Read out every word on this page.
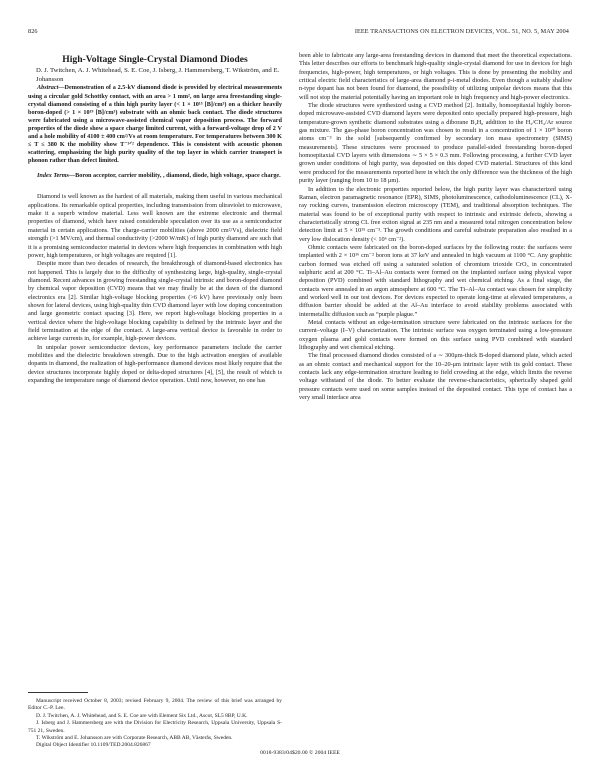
826	IEEE TRANSACTIONS ON ELECTRON DEVICES, VOL. 51, NO. 5, MAY 2004

High-Voltage Single-Crystal Diamond Diodes

D. J. Twitchen, A. J. Whitehead, S. E. Coe, J. Isberg, J. Hammersberg, T. Wikström, and E. Johansson

Abstract—Demonstration of a 2.5-kV diamond diode is provided by electrical measurements using a circular gold Schottky contact, with an area > 1 mm², on large area freestanding single-crystal diamond consisting of a thin high purity layer (< 1 × 10¹⁵ [B]/cm³) on a thicker heavily boron-doped (> 1 × 10¹⁹ [B]/cm³) substrate with an ohmic back contact. The diode structures were fabricated using a microwave-assisted chemical vapor deposition process. The forward properties of the diode show a space charge limited current, with a forward-voltage drop of 2 V and a hole mobility of 4100 ± 400 cm²/Vs at room temperature. For temperatures between 300 K ≤ T ≤ 380 K the mobility show T⁻³ᐟ² dependence. This is consistent with acoustic phonon scattering, emphasizing the high purity quality of the top layer in which carrier transport is phonon rather than defect limited.

Index Terms—Boron acceptor, carrier mobility, , diamond, diode, high voltage, space charge.

Diamond is well known as the hardest of all materials, making them useful in various mechanical applications. Its remarkable optical properties, including transmission from ultraviolet to microwave, make it a superb window material. Less well known are the extreme electronic and thermal properties of diamond, which have raised considerable speculation over its use as a semiconductor material in certain applications. The charge-carrier mobilities (above 2000 cm²/Vs), dielectric field strength (>1 MV/cm), and thermal conductivity (>2000 W/mK) of high purity diamond are such that it is a promising semiconductor material in devices where high frequencies in combination with high power, high temperatures, or high voltages are required [1].

Despite more than two decades of research, the breakthrough of diamond-based electronics has not happened. This is largely due to the difficulty of synthesizing large, high-quality, single-crystal diamond. Recent advances in growing freestanding single-crystal intrinsic and boron-doped diamond by chemical vapor deposition (CVD) means that we may finally be at the dawn of the diamond electronics era [2]. Similar high-voltage blocking properties (>6 kV) have previously only been shown for lateral devices, using high-quality thin CVD diamond layer with low doping concentration and large geometric contact spacing [3]. Here, we report high-voltage blocking properties in a vertical device where the high-voltage blocking capability is defined by the intrinsic layer and the field termination at the edge of the contact. A large-area vertical device is favorable in order to achieve large currents in, for example, high-power devices.

In unipolar power semiconductor devices, key performance parameters include the carrier mobilities and the dielectric breakdown strength. Due to the high activation energies of available dopants in diamond, the realization of high-performance diamond devices most likely require that the device structures incorporate highly doped or delta-doped structures [4], [5], the result of which is expanding the temperature range of diamond device operation. Until now, however, no one has

Manuscript received October 8, 2003; revised February 9, 2004. The review of this brief was arranged by Editor C.-P. Lee.

D. J. Twitchen, A. J. Whitehead, and S. E. Coe are with Element Six Ltd., Ascot, SL5 8BP, U.K.

J. Isberg and J. Hammersberg are with the Division for Electricity Research, Uppsala University, Uppsala S-751 21, Sweden.

T. Wikström and E. Johansson are with Corporate Research, ABB AB, Västerås, Sweden.

Digital Object Identifier 10.1109/TED.2004.826867

been able to fabricate any large-area freestanding devices in diamond that meet the theoretical expectations. This letter describes our efforts to benchmark high-quality single-crystal diamond for use in devices for high frequencies, high-power, high temperatures, or high voltages. This is done by presenting the mobility and critical electric field characteristics of large-area diamond p-i-metal diodes. Even though a suitably shallow n-type dopant has not been found for diamond, the possibility of utilizing unipolar devices means that this will not stop the material potentially having an important role in high frequency and high-power electronics.

The diode structures were synthesized using a CVD method [2]. Initially, homoepitaxial highly boron-doped microwave-assisted CVD diamond layers were deposited onto specially prepared high-pressure, high temperature-grown synthetic diamond substrates using a diborane B₂H₆ addition to the H₂/CH₄/Ar source gas mixture. The gas-phase boron concentration was chosen to result in a concentration of 1 × 10²⁰ boron atoms cm⁻³ in the solid [subsequently confirmed by secondary ion mass spectrometry (SIMS) measurements]. These structures were processed to produce parallel-sided freestanding boron-doped homoepitaxial CVD layers with dimensions ∼ 5 × 5 × 0.3 mm. Following processing, a further CVD layer grown under conditions of high purity, was deposited on this doped CVD material. Structures of this kind were produced for the measurements reported here in which the only difference was the thickness of the high purity layer (ranging from 10 to 18 μm).

In addition to the electronic properties reported below, the high purity layer was characterized using Raman, electron paramagnetic resonance (EPR), SIMS, photoluminescence, cathodoluminescence (CL), X-ray rocking curves, transmission electron microscopy (TEM), and traditional absorption techniques. The material was found to be of exceptional purity with respect to intrinsic and extrinsic defects, showing a characteristically strong CL free exiton signal at 235 nm and a measured total nitrogen concentration below detection limit at 5 × 10¹⁵ cm⁻³. The growth conditions and careful substrate preparation also resulted in a very low dislocation density (< 10⁶ cm⁻²).

Ohmic contacts were fabricated on the boron-doped surfaces by the following route: the surfaces were implanted with 2 × 10¹⁶ cm⁻² boron ions at 37 keV and annealed in high vacuum at 1100 °C. Any graphitic carbon formed was etched off using a saturated solution of chromium trioxide CrO₃ in concentrated sulphuric acid at 200 °C. Ti–Al–Au contacts were formed on the implanted surface using physical vapor deposition (PVD) combined with standard lithography and wet chemical etching. As a final stage, the contacts were annealed in an argon atmosphere at 600 °C. The Ti–Al–Au contact was chosen for simplicity and worked well in our test devices. For devices expected to operate long-time at elevated temperatures, a diffusion barrier should be added at the Al–Au interface to avoid stability problems associated with intermetallic diffusion such as “purple plague.”

Metal contacts without an edge-termination structure were fabricated on the intrinsic surfaces for the current–voltage (I–V) characterization. The intrinsic surface was oxygen terminated using a low-pressure oxygen plasma and gold contacts were formed on this surface using PVD combined with standard lithography and wet chemical etching.

The final processed diamond diodes consisted of a ∼ 300μm-thick B-doped diamond plate, which acted as an ohmic contact and mechanical support for the 10–20-μm intrinsic layer with its gold contact. These contacts lack any edge-termination structure leading to field crowding at the edge, which limits the reverse voltage withstand of the diode. To better evaluate the reverse-characteristics, spherically shaped gold pressure contacts were used on some samples instead of the deposited contact. This type of contact has a very small interface area

0018-9383/04$20.00 © 2004 IEEE
